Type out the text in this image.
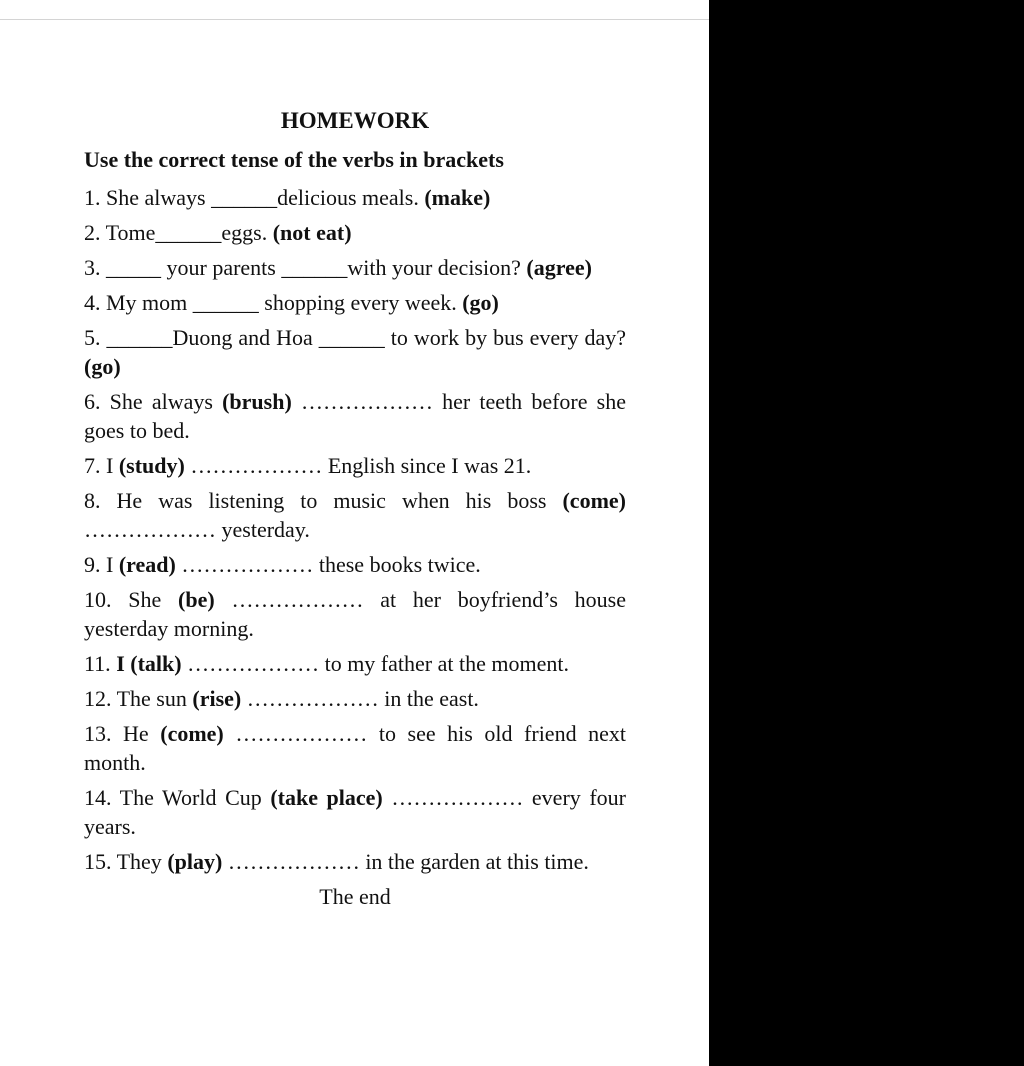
HOMEWORK
Use the correct tense of the verbs in brackets
1. She always ______delicious meals. (make)
2. Tome______eggs. (not eat)
3. _____ your parents ______with your decision? (agree)
4. My mom ______ shopping every week. (go)
5. ______Duong and Hoa ______ to work by bus every day? (go)
6. She always (brush) ……………… her teeth before she goes to bed.
7. I (study) ……………… English since I was 21.
8. He was listening to music when his boss (come) ……………… yesterday.
9. I (read) ……………… these books twice.
10. She (be) ……………… at her boyfriend’s house yesterday morning.
11. I (talk) ……………… to my father at the moment.
12. The sun (rise) ……………… in the east.
13. He (come) ……………… to see his old friend next month.
14. The World Cup (take place) ……………… every four years.
15. They (play) ……………… in the garden at this time.
The end
